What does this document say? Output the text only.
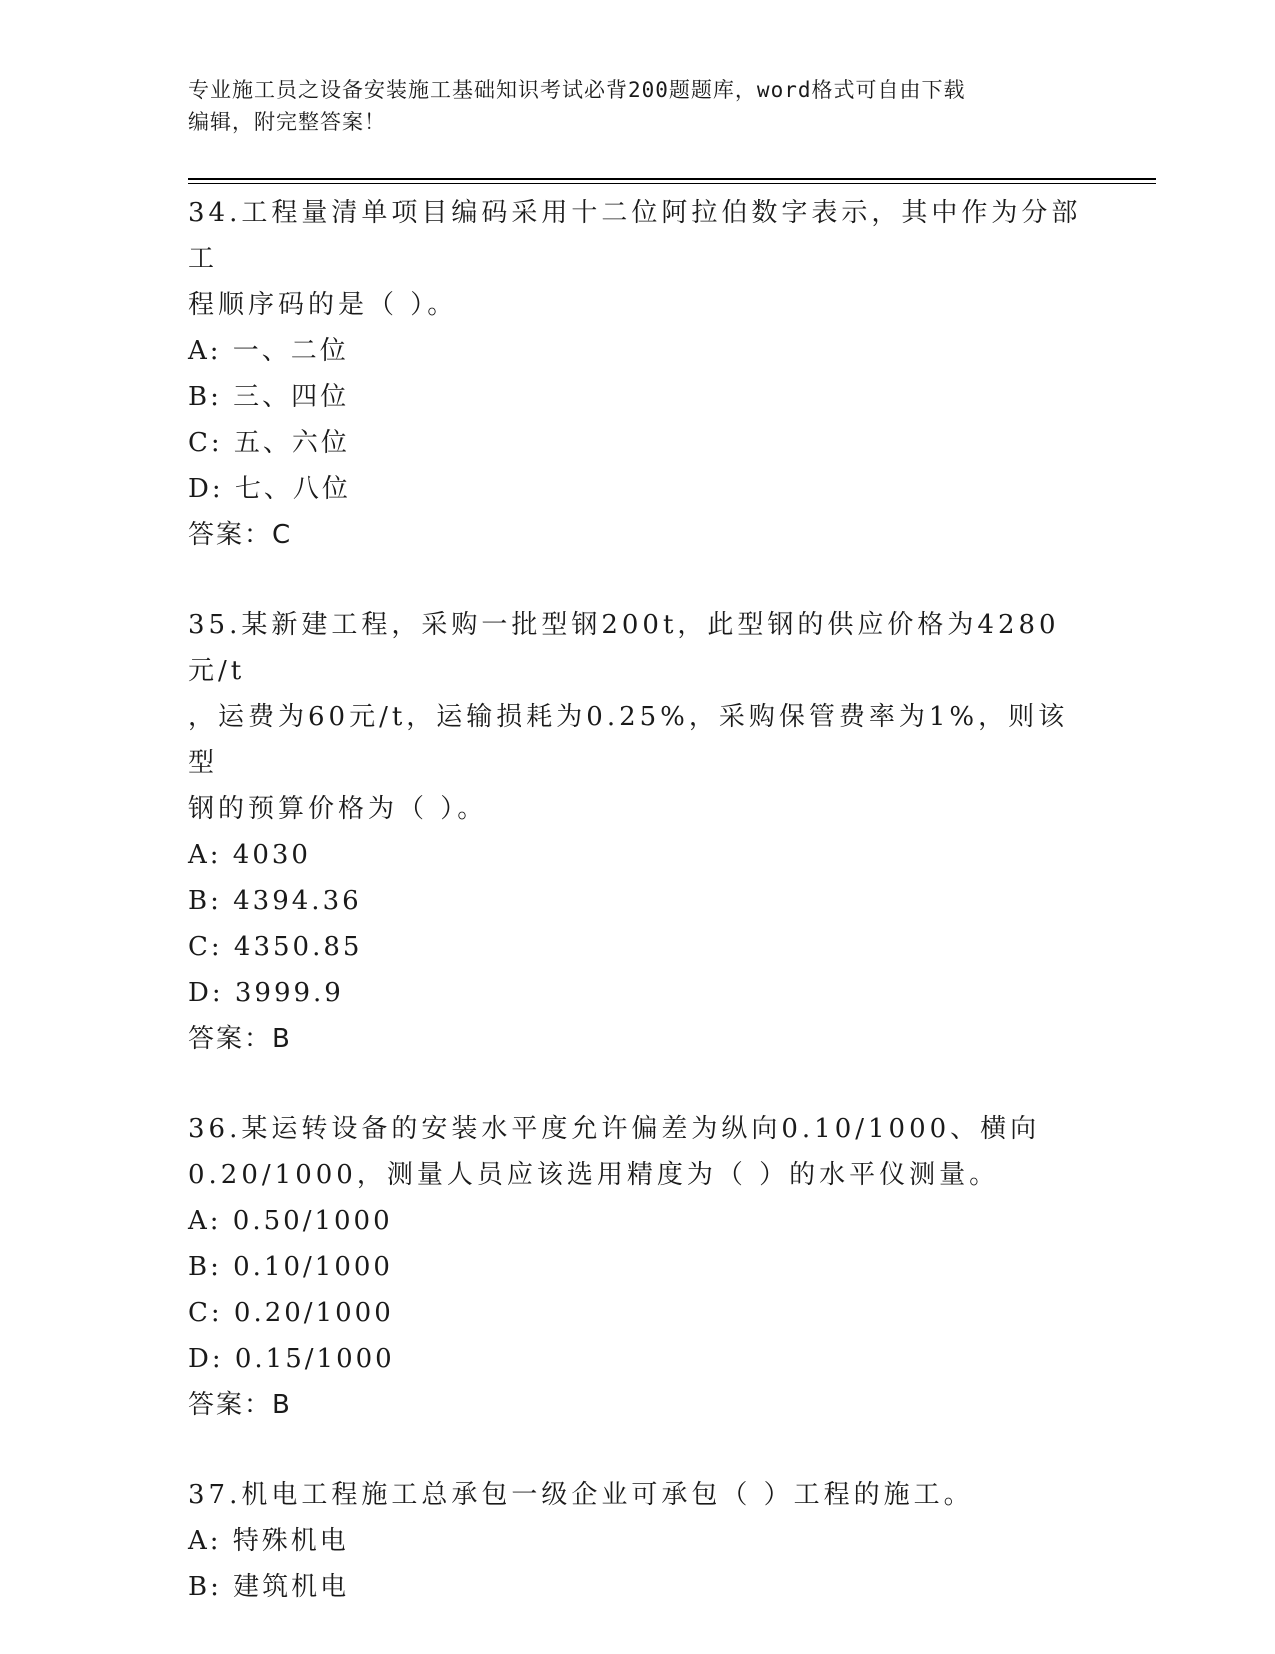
专业施工员之设备安装施工基础知识考试必背200题题库，word格式可自由下载
编辑，附完整答案！

34.工程量清单项目编码采用十二位阿拉伯数字表示，其中作为分部工

程顺序码的是（ ）。

A: 一、二位

B: 三、四位

C: 五、六位

D: 七、八位

答案：C

35.某新建工程，采购一批型钢200t，此型钢的供应价格为4280元/t

，运费为60元/t，运输损耗为0.25%，采购保管费率为1%，则该型

钢的预算价格为（ ）。

A: 4030

B: 4394.36

C: 4350.85

D: 3999.9

答案：B

36.某运转设备的安装水平度允许偏差为纵向0.10/1000、横向

0.20/1000，测量人员应该选用精度为（ ）的水平仪测量。

A: 0.50/1000

B: 0.10/1000

C: 0.20/1000

D: 0.15/1000

答案：B

37.机电工程施工总承包一级企业可承包（ ）工程的施工。

A: 特殊机电

B: 建筑机电
